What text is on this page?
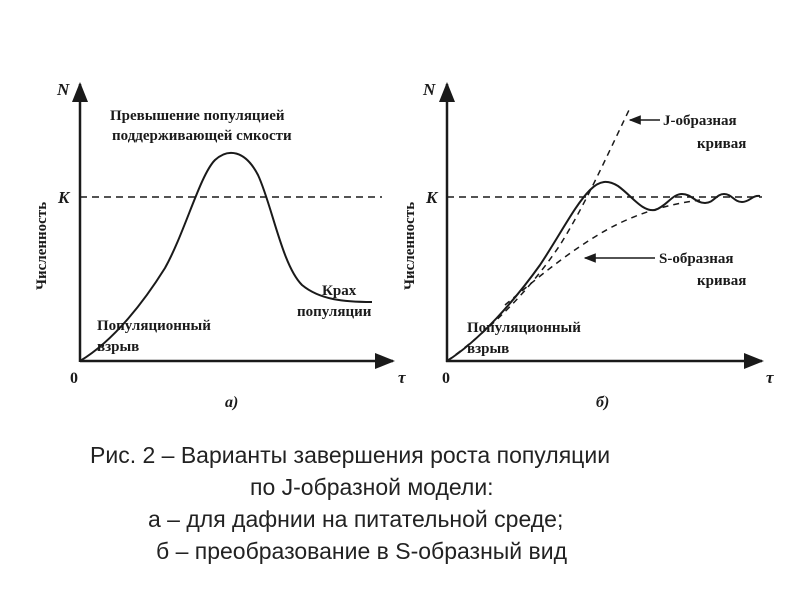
N
τ
0
K
Численность
Превышение популяцией
поддерживающей смкости
Крах
популяции
Популяционный
взрыв
а)
N
τ
0
K
Численность
J-образная
кривая
S-образная
кривая
Популяционный
взрыв
б)
Рис. 2 – Варианты завершения роста популяции
по J-образной модели:
а – для дафнии на питательной среде;
б – преобразование в S-образный вид
